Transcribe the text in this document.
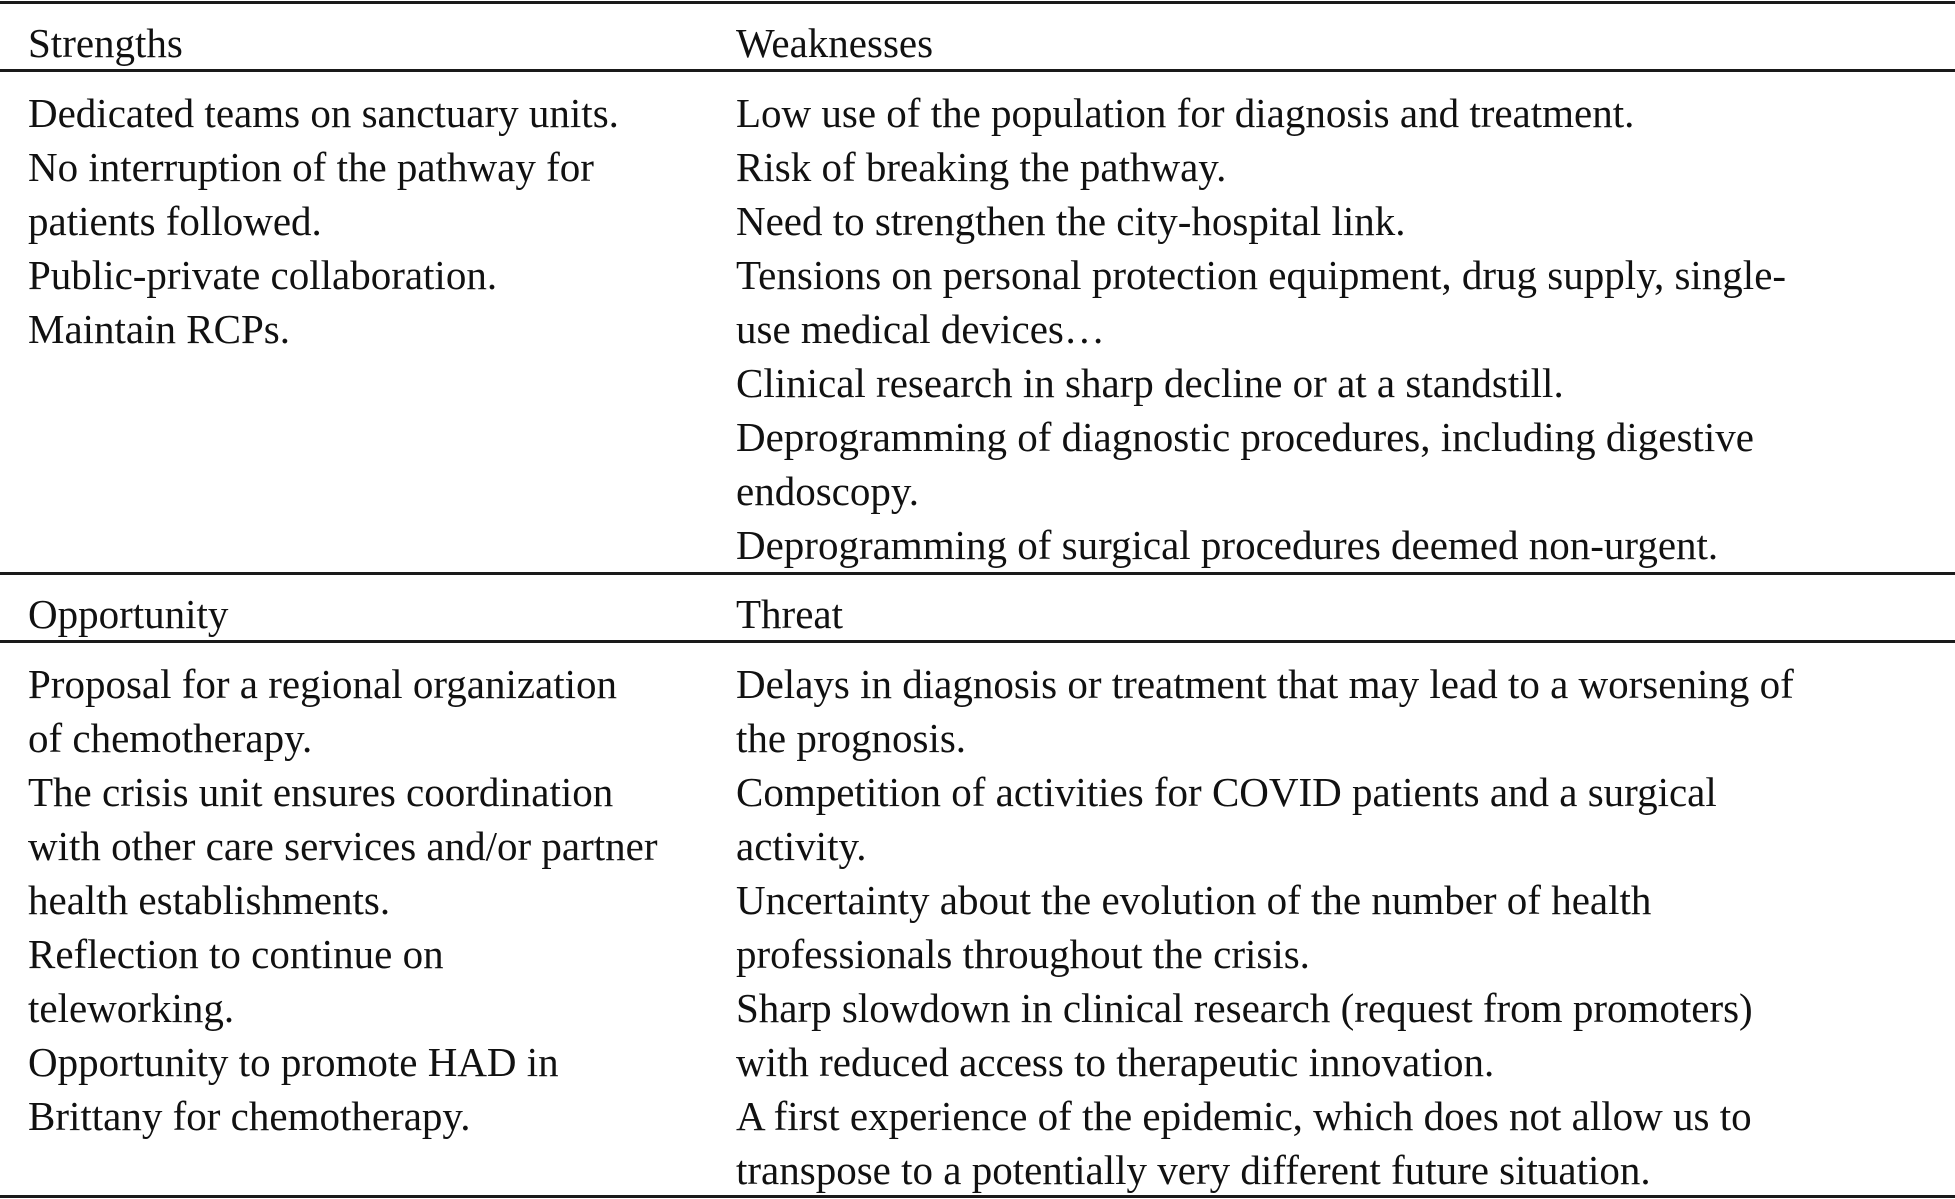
Strengths	Weaknesses
Dedicated teams on sanctuary units.
No interruption of the pathway for
patients followed.
Public-private collaboration.
Maintain RCPs.
Low use of the population for diagnosis and treatment.
Risk of breaking the pathway.
Need to strengthen the city-hospital link.
Tensions on personal protection equipment, drug supply, single-
use medical devices…
Clinical research in sharp decline or at a standstill.
Deprogramming of diagnostic procedures, including digestive
endoscopy.
Deprogramming of surgical procedures deemed non-urgent.
Opportunity	Threat
Proposal for a regional organization
of chemotherapy.
The crisis unit ensures coordination
with other care services and/or partner
health establishments.
Reflection to continue on
teleworking.
Opportunity to promote HAD in
Brittany for chemotherapy.
Delays in diagnosis or treatment that may lead to a worsening of
the prognosis.
Competition of activities for COVID patients and a surgical
activity.
Uncertainty about the evolution of the number of health
professionals throughout the crisis.
Sharp slowdown in clinical research (request from promoters)
with reduced access to therapeutic innovation.
A first experience of the epidemic, which does not allow us to
transpose to a potentially very different future situation.
